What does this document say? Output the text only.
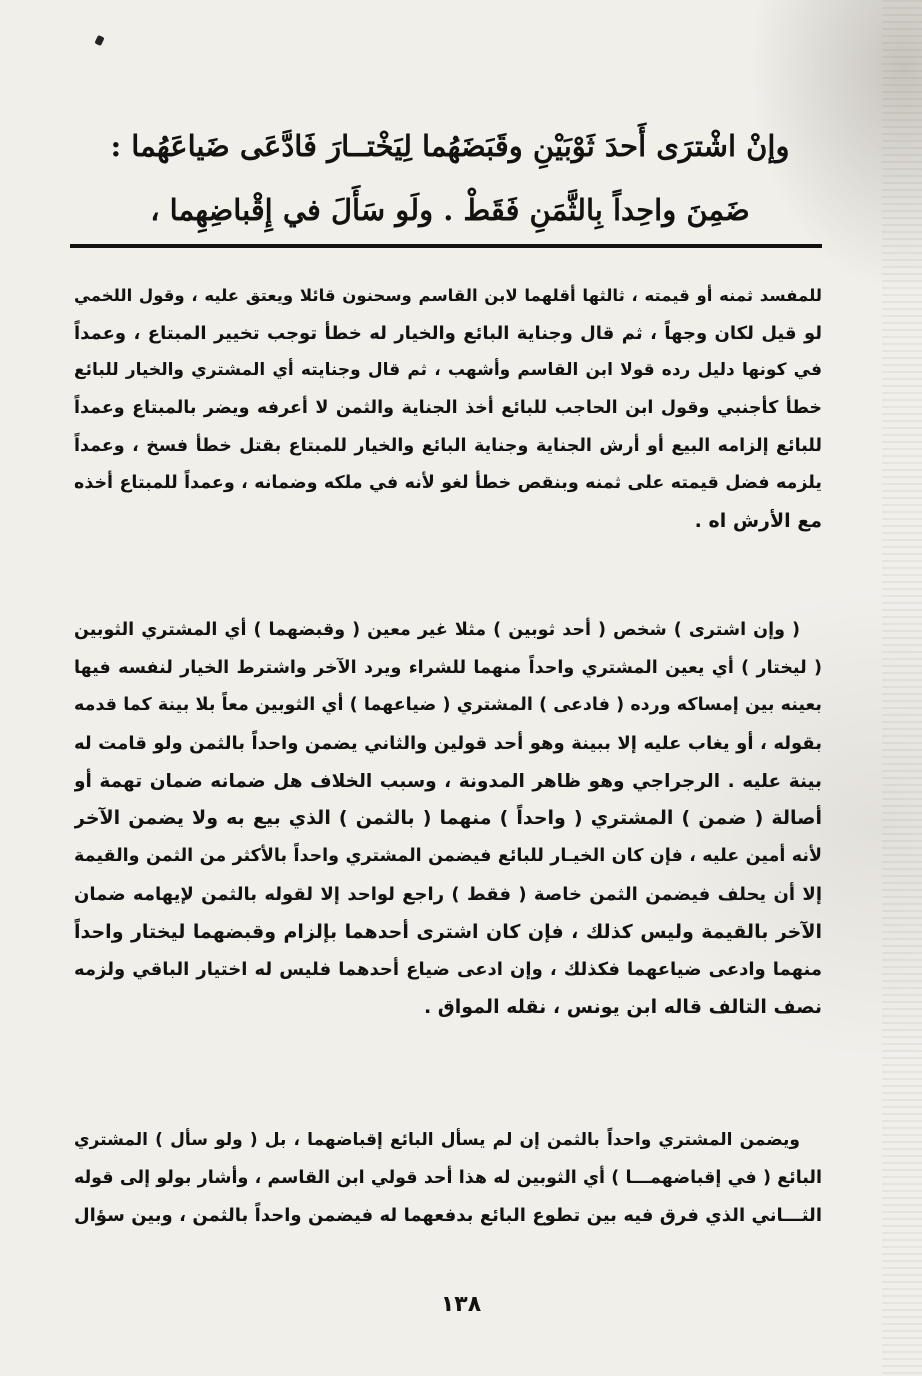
وإنْ اشْترَى أَحدَ ثَوْبَيْنِ وقَبَضَهُما لِيَخْتــارَ فَادَّعَى ضَياعَهُما :
ضَمِنَ واحِداً بِالثَّمَنِ فَقَطْ . ولَو سَأَلَ في إِقْباضِهِما ،
للمفسد ثمنه أو قيمته ، ثالثها أقلهما لابن القاسم وسحنون قائلا ويعتق عليه ، وقول اللخمي
لو قيل لكان وجهاً ، ثم قال وجناية البائع والخيار له خطأ توجب تخيير المبتاع ، وعمداً
في كونها دليل رده قولا ابن القاسم وأشهب ، ثم قال وجنايته أي المشتري والخيار للبائع
خطأ كأجنبي وقول ابن الحاجب للبائع أخذ الجناية والثمن لا أعرفه ويضر بالمبتاع وعمداً
للبائع إلزامه البيع أو أرش الجناية وجناية البائع والخيار للمبتاع بقتل خطأ فسخ ، وعمداً
يلزمه فضل قيمته على ثمنه وبنقص خطأ لغو لأنه في ملكه وضمانه ، وعمداً للمبتاع أخذه
مع الأرش اه .
( وإن اشترى ) شخص ( أحد ثوبين ) مثلا غير معين ( وقبضهما ) أي المشتري الثوبين
( ليختار ) أي يعين المشتري واحداً منهما للشراء ويرد الآخر واشترط الخيار لنفسه فيها
بعينه بين إمساكه ورده ( فادعى ) المشتري ( ضياعهما ) أي الثوبين معاً بلا بينة كما قدمه
بقوله ، أو يغاب عليه إلا ببينة وهو أحد قولين والثاني يضمن واحداً بالثمن ولو قامت له
بينة عليه . الرجراجي وهو ظاهر المدونة ، وسبب الخلاف هل ضمانه ضمان تهمة أو
أصالة ( ضمن ) المشتري ( واحداً ) منهما ( بالثمن ) الذي بيع به ولا يضمن الآخر
لأنه أمين عليه ، فإن كان الخيـار للبائع فيضمن المشتري واحداً بالأكثر من الثمن والقيمة
إلا أن يحلف فيضمن الثمن خاصة ( فقط ) راجع لواحد إلا لقوله بالثمن لإيهامه ضمان
الآخر بالقيمة وليس كذلك ، فإن كان اشترى أحدهما بإلزام وقبضهما ليختار واحداً
منهما وادعى ضياعهما فكذلك ، وإن ادعى ضياع أحدهما فليس له اختيار الباقي ولزمه
نصف التالف قاله ابن يونس ، نقله المواق .
ويضمن المشتري واحداً بالثمن إن لم يسأل البائع إقباضهما ، بل ( ولو سأل ) المشتري
البائع ( في إقباضهمـــا ) أي الثوبين له هذا أحد قولي ابن القاسم ، وأشار بولو إلى قوله
الثـــاني الذي فرق فيه بين تطوع البائع بدفعهما له فيضمن واحداً بالثمن ، وبين سؤال
١٣٨
